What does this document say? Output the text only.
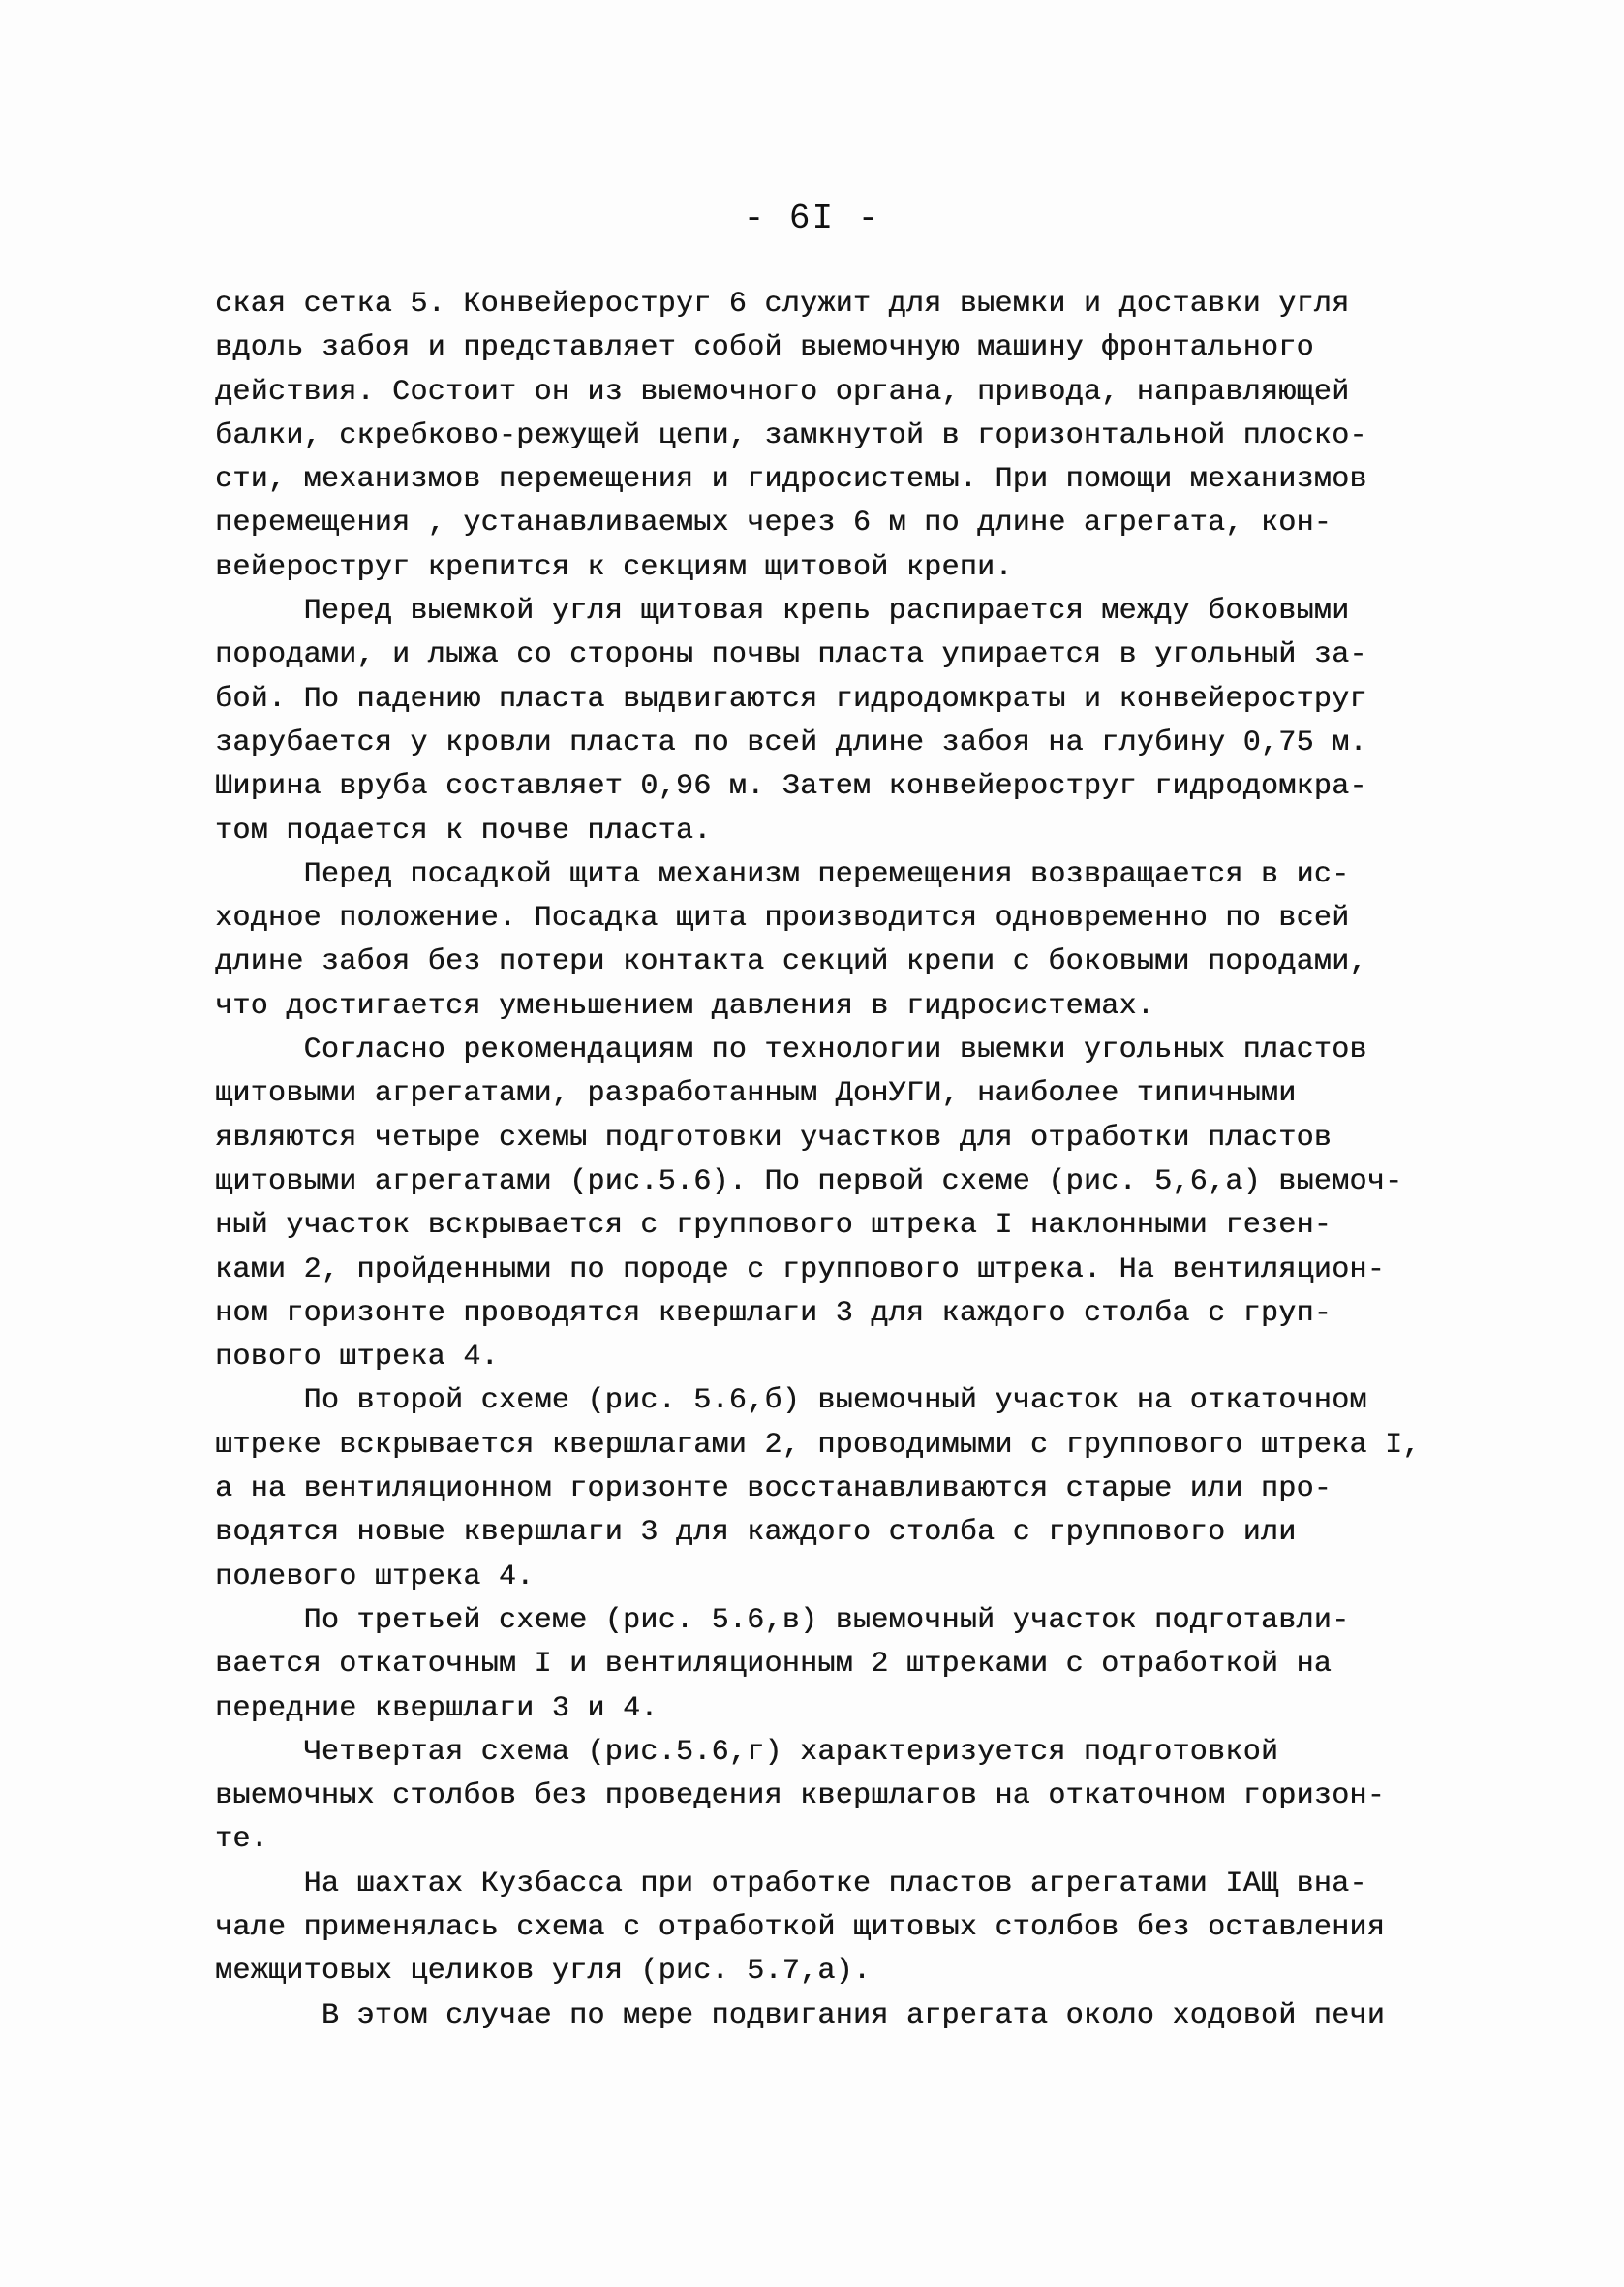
- 6I -
ская сетка 5. Конвейероструг 6 служит для выемки и доставки угля
вдоль забоя и представляет собой выемочную машину фронтального
действия. Состоит он из выемочного органа, привода, направляющей
балки, скребково-режущей цепи, замкнутой в горизонтальной плоско-
сти, механизмов перемещения и гидросистемы. При помощи механизмов
перемещения , устанавливаемых через 6 м по длине агрегата, кон-
вейероструг крепится к секциям щитовой крепи.
Перед выемкой угля щитовая крепь распирается между боковыми
породами, и лыжа со стороны почвы пласта упирается в угольный за-
бой. По падению пласта выдвигаются гидродомкраты и конвейероструг
зарубается у кровли пласта по всей длине забоя на глубину 0,75 м.
Ширина вруба составляет 0,96 м. Затем конвейероструг гидродомкра-
том подается к почве пласта.
Перед посадкой щита механизм перемещения возвращается в ис-
ходное положение. Посадка щита производится одновременно по всей
длине забоя без потери контакта секций крепи с боковыми породами,
что достигается уменьшением давления в гидросистемах.
Согласно рекомендациям по технологии выемки угольных пластов
щитовыми агрегатами, разработанным ДонУГИ, наиболее типичными
являются четыре схемы подготовки участков для отработки пластов
щитовыми агрегатами (рис.5.6). По первой схеме (рис. 5,6,а) выемоч-
ный участок вскрывается с группового штрека I наклонными гезен-
ками 2, пройденными по породе с группового штрека. На вентиляцион-
ном горизонте проводятся квершлаги 3 для каждого столба с груп-
пового штрека 4.
По второй схеме (рис. 5.6,б) выемочный участок на откаточном
штреке вскрывается квершлагами 2, проводимыми с группового штрека I,
а на вентиляционном горизонте восстанавливаются старые или про-
водятся новые квершлаги 3 для каждого столба с группового или
полевого штрека 4.
По третьей схеме (рис. 5.6,в) выемочный участок подготавли-
вается откаточным I и вентиляционным 2 штреками с отработкой на
передние квершлаги 3 и 4.
Четвертая схема (рис.5.6,г) характеризуется подготовкой
выемочных столбов без проведения квершлагов на откаточном горизон-
те.
На шахтах Кузбасса при отработке пластов агрегатами IАЩ вна-
чале применялась схема с отработкой щитовых столбов без оставления
межщитовых целиков угля (рис. 5.7,а).
В этом случае по мере подвигания агрегата около ходовой печи
